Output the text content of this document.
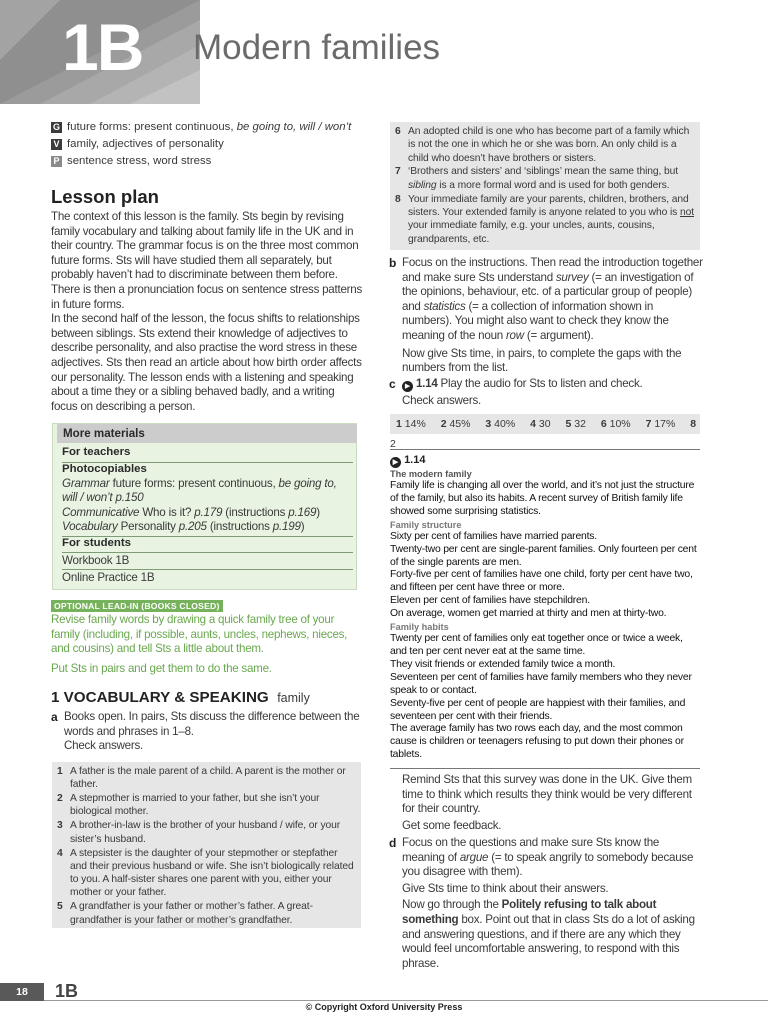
1B Modern families
G future forms: present continuous, be going to, will / won’t
V family, adjectives of personality
P sentence stress, word stress
Lesson plan

The context of this lesson is the family. Sts begin by revising family vocabulary and talking about family life in the UK and in their country. The grammar focus is on the three most common future forms. Sts will have studied them all separately, but probably haven’t had to discriminate between them before. There is then a pronunciation focus on sentence stress patterns in future forms.

In the second half of the lesson, the focus shifts to relationships between siblings. Sts extend their knowledge of adjectives to describe personality, and also practise the word stress in these adjectives. Sts then read an article about how birth order affects our personality. The lesson ends with a listening and speaking about a time they or a sibling behaved badly, and a writing focus on describing a person.

More materials
For teachers
Photocopiables
Grammar future forms: present continuous, be going to, will / won’t p.150
Communicative Who is it? p.179 (instructions p.169)
Vocabulary Personality p.205 (instructions p.199)
For students
Workbook 1B
Online Practice 1B
OPTIONAL LEAD-IN (BOOKS CLOSED)
Revise family words by drawing a quick family tree of your family (including, if possible, aunts, uncles, nephews, nieces, and cousins) and tell Sts a little about them.
Put Sts in pairs and get them to do the same.
1 VOCABULARY & SPEAKING family
a Books open. In pairs, Sts discuss the difference between the words and phrases in 1–8.

Check answers.

1 A father is the male parent of a child. A parent is the mother or father.
2 A stepmother is married to your father, but she isn’t your biological mother.
3 A brother-in-law is the brother of your husband / wife, or your sister’s husband.
4 A stepsister is the daughter of your stepmother or stepfather and their previous husband or wife. She isn’t biologically related to you. A half-sister shares one parent with you, either your mother or your father.
5 A grandfather is your father or mother’s father. A great-grandfather is your father or mother’s grandfather.
6 An adopted child is one who has become part of a family which is not the one in which he or she was born. An only child is a child who doesn’t have brothers or sisters.
7 ‘Brothers and sisters’ and ‘siblings’ mean the same thing, but sibling is a more formal word and is used for both genders.
8 Your immediate family are your parents, children, brothers, and sisters. Your extended family is anyone related to you who is not your immediate family, e.g. your uncles, aunts, cousins, grandparents, etc.
b Focus on the instructions. Then read the introduction together and make sure Sts understand survey (= an investigation of the opinions, behaviour, etc. of a particular group of people) and statistics (= a collection of information shown in numbers). You might also want to check they know the meaning of the noun row (= argument).

Now give Sts time, in pairs, to complete the gaps with the numbers from the list.

c	▶ 1.14 Play the audio for Sts to listen and check.

Check answers.

1 14% 2 45% 3 40% 4 30 5 32 6 10% 7 17% 8 2
▶ 1.14
The modern family
Family life is changing all over the world, and it’s not just the structure of the family, but also its habits. A recent survey of British family life showed some surprising statistics.
Family structure
Sixty per cent of families have married parents.
Twenty-two per cent are single-parent families. Only fourteen per cent of the single parents are men.
Forty-five per cent of families have one child, forty per cent have two, and fifteen per cent have three or more.
Eleven per cent of families have stepchildren.
On average, women get married at thirty and men at thirty-two.
Family habits
Twenty per cent of families only eat together once or twice a week, and ten per cent never eat at the same time.
They visit friends or extended family twice a month.
Seventeen per cent of families have family members who they never speak to or contact.
Seventy-five per cent of people are happiest with their families, and seventeen per cent with their friends.
The average family has two rows each day, and the most common cause is children or teenagers refusing to put down their phones or tablets.

Remind Sts that this survey was done in the UK. Give them time to think which results they think would be very different for their country.

Get some feedback.

d Focus on the questions and make sure Sts know the meaning of argue (= to speak angrily to somebody because you disagree with them).

Give Sts time to think about their answers.

Now go through the Politely refusing to talk about something box. Point out that in class Sts do a lot of asking and answering questions, and if there are any which they would feel uncomfortable answering, to respond with this phrase.

18	1B
© Copyright Oxford University Press
